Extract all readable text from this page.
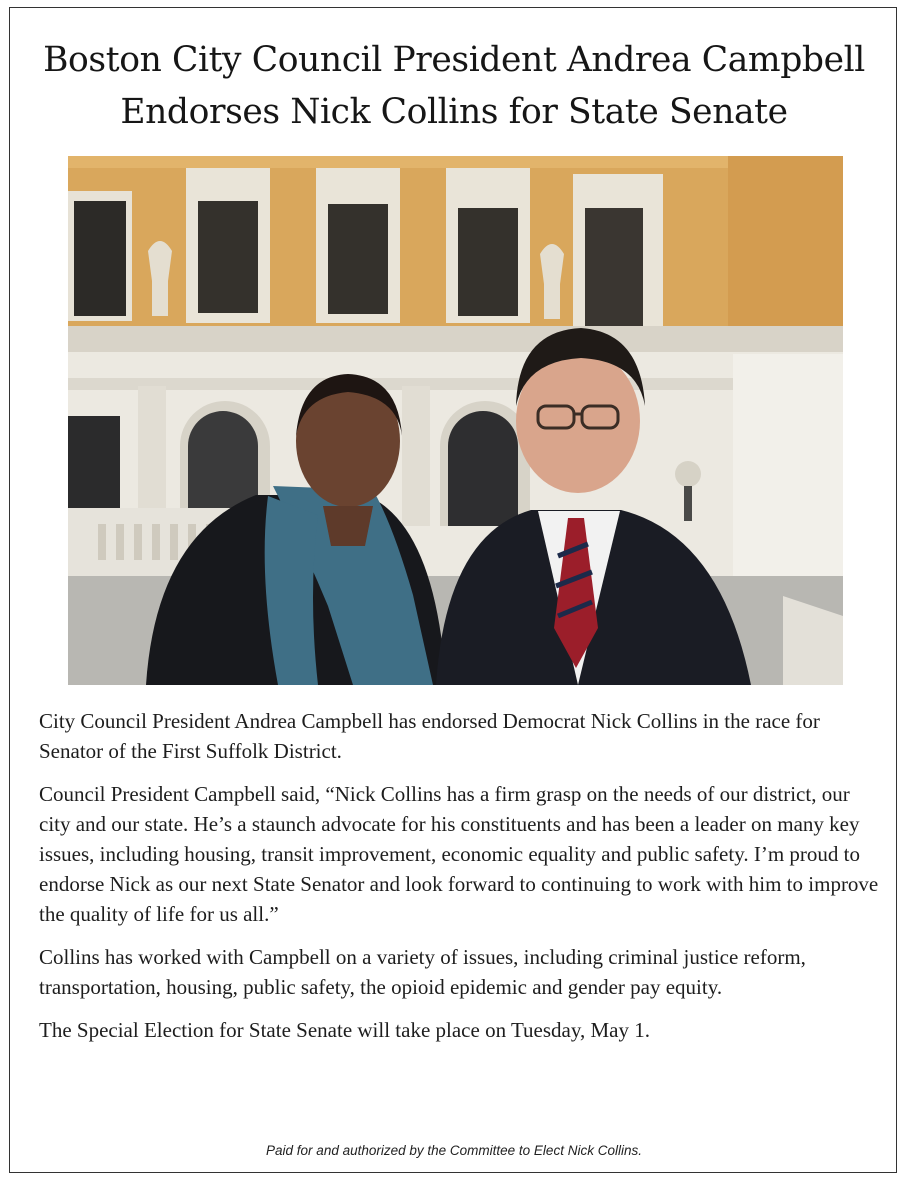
Boston City Council President Andrea Campbell
Endorses Nick Collins for State Senate

City Council President Andrea Campbell has endorsed Democrat Nick Collins in the race for Senator of the First Suffolk District.

Council President Campbell said, “Nick Collins has a firm grasp on the needs of our district, our city and our state. He’s a staunch advocate for his constituents and has been a leader on many key issues, including housing, transit improvement, economic equality and public safety. I’m proud to endorse Nick as our next State Senator and look forward to continuing to work with him to improve the quality of life for us all.”

Collins has worked with Campbell on a variety of issues, including criminal justice reform, transportation, housing, public safety, the opioid epidemic and gender pay equity.

The Special Election for State Senate will take place on Tuesday, May 1.

Paid for and authorized by the Committee to Elect Nick Collins.
